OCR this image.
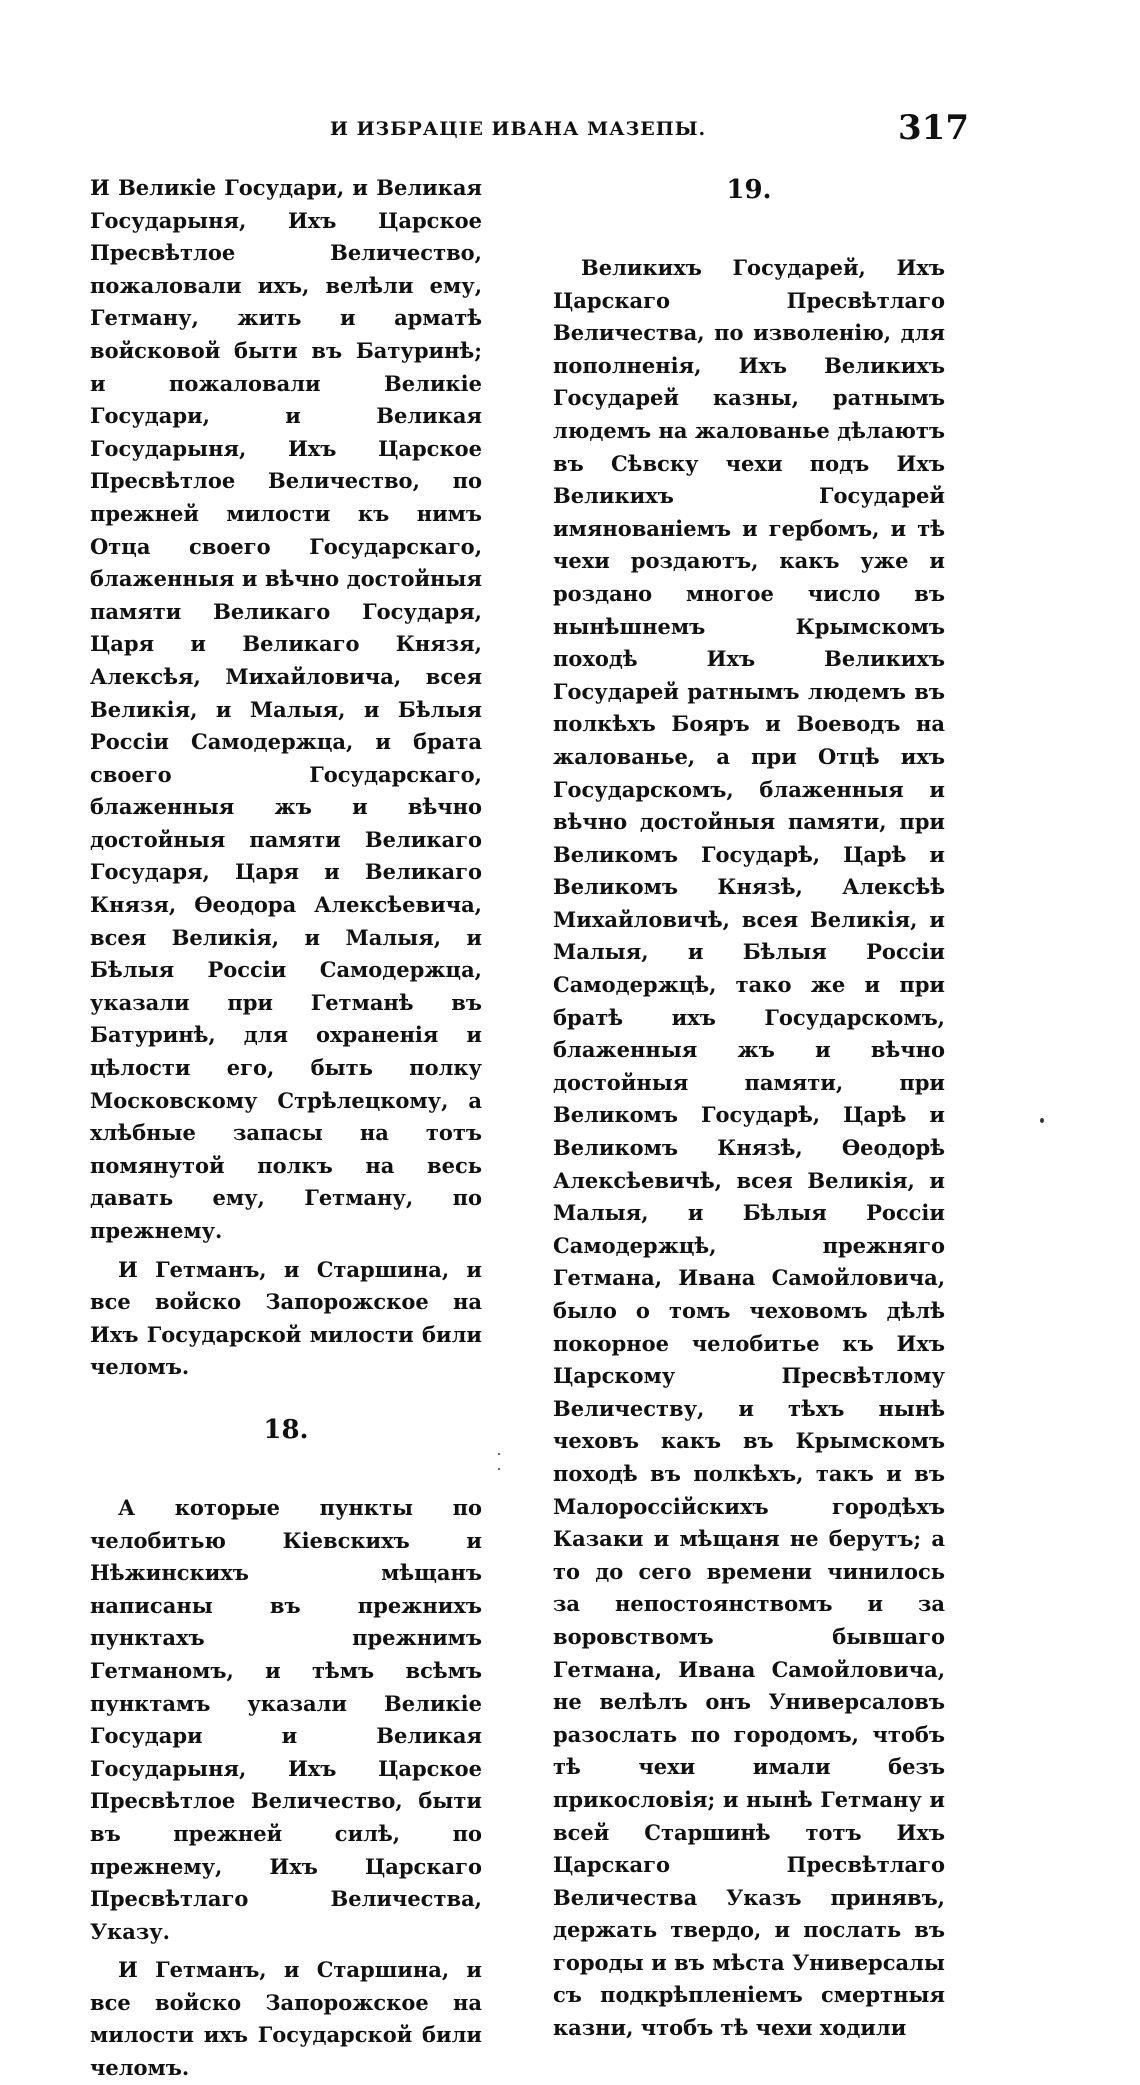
И ИЗБРАЦІЕ ИВАНА МАЗЕПЫ.	317

И Великіе Государи, и Великая Государыня, Ихъ Царское Пресвѣтлое Величество, пожаловали ихъ, велѣли ему, Гетману, жить и арматѣ войсковой быти въ Батуринѣ; и пожаловали Великіе Государи, и Великая Государыня, Ихъ Царское Пресвѣтлое Величество, по прежней милости къ нимъ Отца своего Государскаго, блаженныя и вѣчно достойныя памяти Великаго Государя, Царя и Великаго Князя, Алексѣя, Михайловича, всея Великія, и Малыя, и Бѣлыя Россіи Самодержца, и брата своего Государскаго, блаженныя жъ и вѣчно достойныя памяти Великаго Государя, Царя и Великаго Князя, Ѳеодора Алексѣевича, всея Великія, и Малыя, и Бѣлыя Россіи Самодержца, указали при Гетманѣ въ Батуринѣ, для охраненія и цѣлости его, быть полку Московскому Стрѣлецкому, а хлѣбные запасы на тотъ помянутой полкъ на весь давать ему, Гетману, по прежнему.

И Гетманъ, и Старшина, и все войско Запорожское на Ихъ Государской милости били челомъ.

18.

А которые пункты по челобитью Кіевскихъ и Нѣжинскихъ мѣщанъ написаны въ прежнихъ пунктахъ прежнимъ Гетманомъ, и тѣмъ всѣмъ пунктамъ указали Великіе Государи и Великая Государыня, Ихъ Царское Пресвѣтлое Величество, быти въ прежней силѣ, по прежнему, Ихъ Царскаго Пресвѣтлаго Величества, Указу.

И Гетманъ, и Старшина, и все войско Запорожское на милости ихъ Государской били челомъ.

19.

Великихъ Государей, Ихъ Царскаго Пресвѣтлаго Величества, по изволенію, для пополненія, Ихъ Великихъ Государей казны, ратнымъ людемъ на жалованье дѣлаютъ въ Сѣвску чехи подъ Ихъ Великихъ Государей имянованіемъ и гербомъ, и тѣ чехи роздаютъ, какъ уже и роздано многое число въ нынѣшнемъ Крымскомъ походѣ Ихъ Великихъ Государей ратнымъ людемъ въ полкѣхъ Бояръ и Воеводъ на жалованье, а при Отцѣ ихъ Государскомъ, блаженныя и вѣчно достойныя памяти, при Великомъ Государѣ, Царѣ и Великомъ Князѣ, Алексѣѣ Михайловичѣ, всея Великія, и Малыя, и Бѣлыя Россіи Самодержцѣ, тако же и при братѣ ихъ Государскомъ, блаженныя жъ и вѣчно достойныя памяти, при Великомъ Государѣ, Царѣ и Великомъ Князѣ, Ѳеодорѣ Алексѣевичѣ, всея Великія, и Малыя, и Бѣлыя Россіи Самодержцѣ, прежняго Гетмана, Ивана Самойловича, было о томъ чеховомъ дѣлѣ покорное челобитье къ Ихъ Царскому Пресвѣтлому Величеству, и тѣхъ нынѣ чеховъ какъ въ Крымскомъ походѣ въ полкѣхъ, такъ и въ Малороссійскихъ городѣхъ Казаки и мѣщаня не берутъ; а то до сего времени чинилось за непостоянствомъ и за воровствомъ бывшаго Гетмана, Ивана Самойловича, не велѣлъ онъ Универсаловъ разослать по городомъ, чтобъ тѣ чехи имали безъ прикословія; и нынѣ Гетману и всей Старшинѣ тотъ Ихъ Царскаго Пресвѣтлаго Величества Указъ принявъ, держать твердо, и послать въ городы и въ мѣста Универсалы съ подкрѣпленіемъ смертныя казни, чтобъ тѣ чехи ходили
